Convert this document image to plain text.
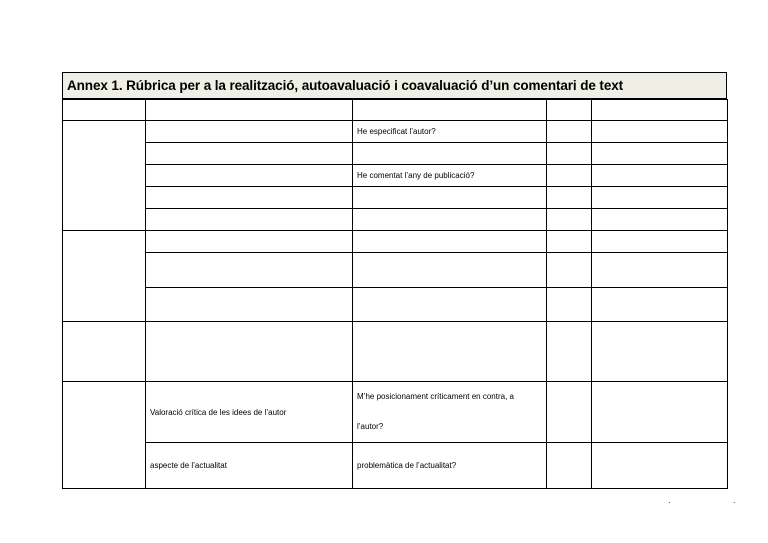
Annex 1. Rúbrica per a la realització, autoavaluació i coavaluació d’un comentari de text

		He especificat l’autor?		

		He comentat l’any de publicació?		

	Valoració crítica de les idees de l’autor	M’he posicionament críticament en contra, a
l’autor?		

	aspecte de l’actualitat	problemàtica de l’actualitat?		
· ·
